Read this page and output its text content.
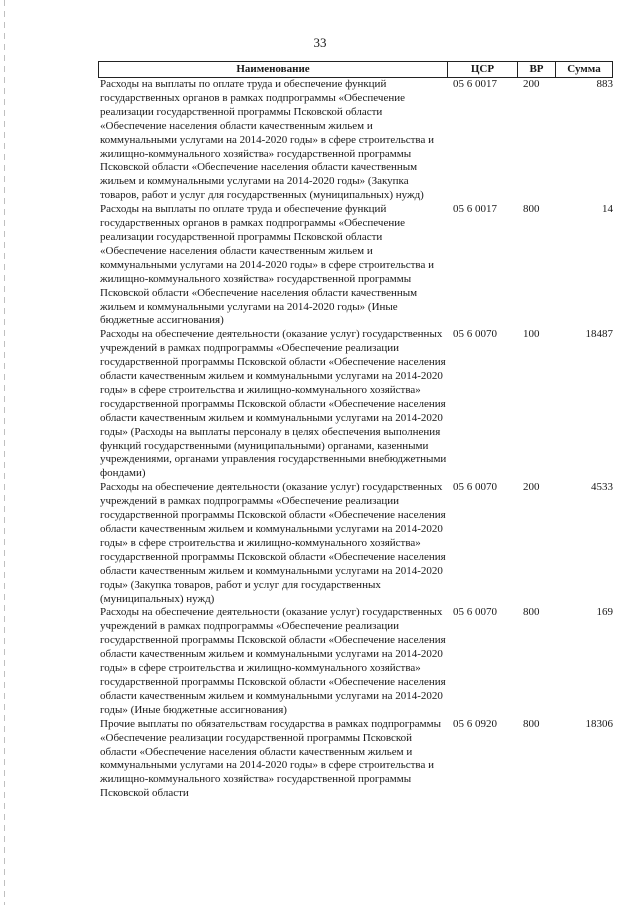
33
Наименование	ЦСР	ВР	Сумма
Расходы на выплаты по оплате труда и обеспечение функций государственных органов в рамках подпрограммы «Обеспечение реализации государственной программы Псковской области «Обеспечение населения области качественным жильем и коммунальными услугами на 2014-2020 годы» в сфере строительства и жилищно-коммунального хозяйства» государственной программы Псковской области «Обеспечение населения области качественным жильем и коммунальными услугами на 2014-2020 годы» (Закупка товаров, работ и услуг для государственных (муниципальных) нужд)
05 6 0017	200	883
Расходы на выплаты по оплате труда и обеспечение функций государственных органов в рамках подпрограммы «Обеспечение реализации государственной программы Псковской области «Обеспечение населения области качественным жильем и коммунальными услугами на 2014-2020 годы» в сфере строительства и жилищно-коммунального хозяйства» государственной программы Псковской области «Обеспечение населения области качественным жильем и коммунальными услугами на 2014-2020 годы» (Иные бюджетные ассигнования)
05 6 0017	800	14
Расходы на обеспечение деятельности (оказание услуг) государственных учреждений в рамках подпрограммы «Обеспечение реализации государственной программы Псковской области «Обеспечение населения области качественным жильем и коммунальными услугами на 2014-2020 годы» в сфере строительства и жилищно-коммунального хозяйства» государственной программы Псковской области «Обеспечение населения области качественным жильем и коммунальными услугами на 2014-2020 годы» (Расходы на выплаты персоналу в целях обеспечения выполнения функций государственными (муниципальными) органами, казенными учреждениями, органами управления государственными внебюджетными фондами)
05 6 0070	100	18487
Расходы на обеспечение деятельности (оказание услуг) государственных учреждений в рамках подпрограммы «Обеспечение реализации государственной программы Псковской области «Обеспечение населения области качественным жильем и коммунальными услугами на 2014-2020 годы» в сфере строительства и жилищно-коммунального хозяйства» государственной программы Псковской области «Обеспечение населения области качественным жильем и коммунальными услугами на 2014-2020 годы» (Закупка товаров, работ и услуг для государственных (муниципальных) нужд)
05 6 0070	200	4533
Расходы на обеспечение деятельности (оказание услуг) государственных учреждений в рамках подпрограммы «Обеспечение реализации государственной программы Псковской области «Обеспечение населения области качественным жильем и коммунальными услугами на 2014-2020 годы» в сфере строительства и жилищно-коммунального хозяйства» государственной программы Псковской области «Обеспечение населения области качественным жильем и коммунальными услугами на 2014-2020 годы» (Иные бюджетные ассигнования)
05 6 0070	800	169
Прочие выплаты по обязательствам государства в рамках подпрограммы «Обеспечение реализации государственной программы Псковской области «Обеспечение населения области качественным жильем и коммунальными услугами на 2014-2020 годы» в сфере строительства и жилищно-коммунального хозяйства» государственной программы Псковской области
05 6 0920	800	18306
